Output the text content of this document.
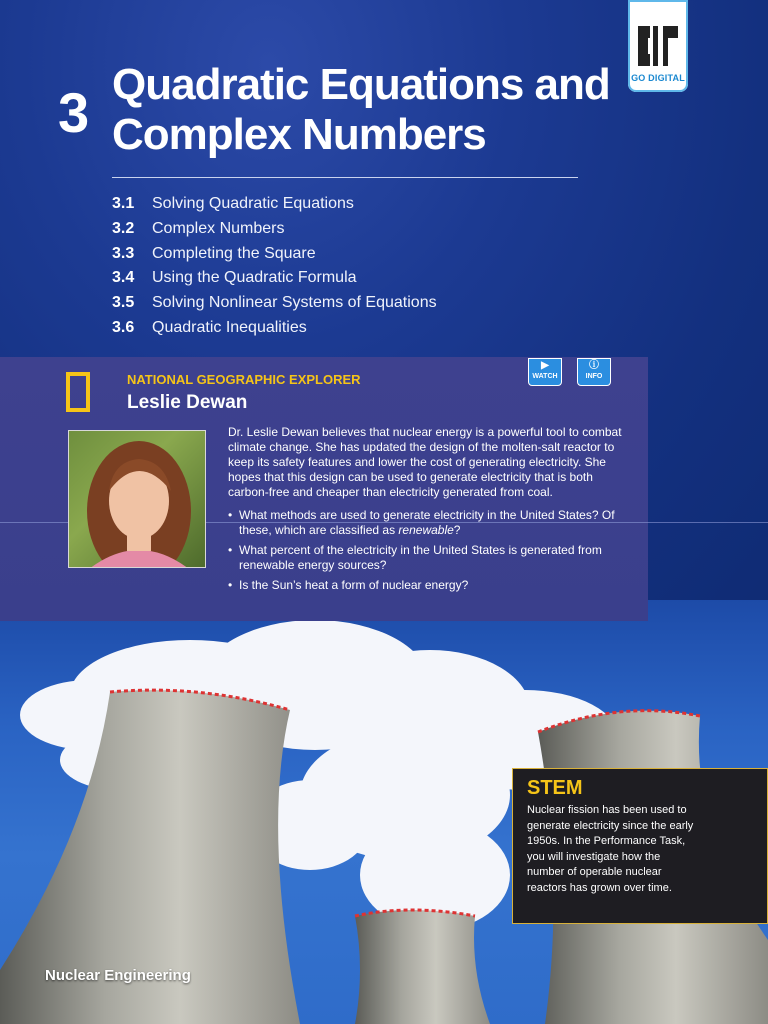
GO DIGITAL
3 Quadratic Equations and
Complex Numbers
3.1	Solving Quadratic Equations
3.2	Complex Numbers
3.3	Completing the Square
3.4	Using the Quadratic Formula
3.5	Solving Nonlinear Systems of Equations
3.6	Quadratic Inequalities
NATIONAL GEOGRAPHIC EXPLORER
Leslie Dewan
▶
WATCH
ⓘ
INFO
Dr. Leslie Dewan believes that nuclear energy is a powerful tool to combat climate change. She has updated the design of the molten-salt reactor to keep its safety features and lower the cost of generating electricity. She hopes that this design can be used to generate electricity that is both carbon-free and cheaper than electricity generated from coal.
• What methods are used to generate electricity in the United States? Of these, which are classified as renewable?
• What percent of the electricity in the United States is generated from renewable energy sources?
• Is the Sun’s heat a form of nuclear energy?
STEM
Nuclear fission has been used to generate electricity since the early 1950s. In the Performance Task, you will investigate how the number of operable nuclear reactors has grown over time.
Nuclear Engineering
